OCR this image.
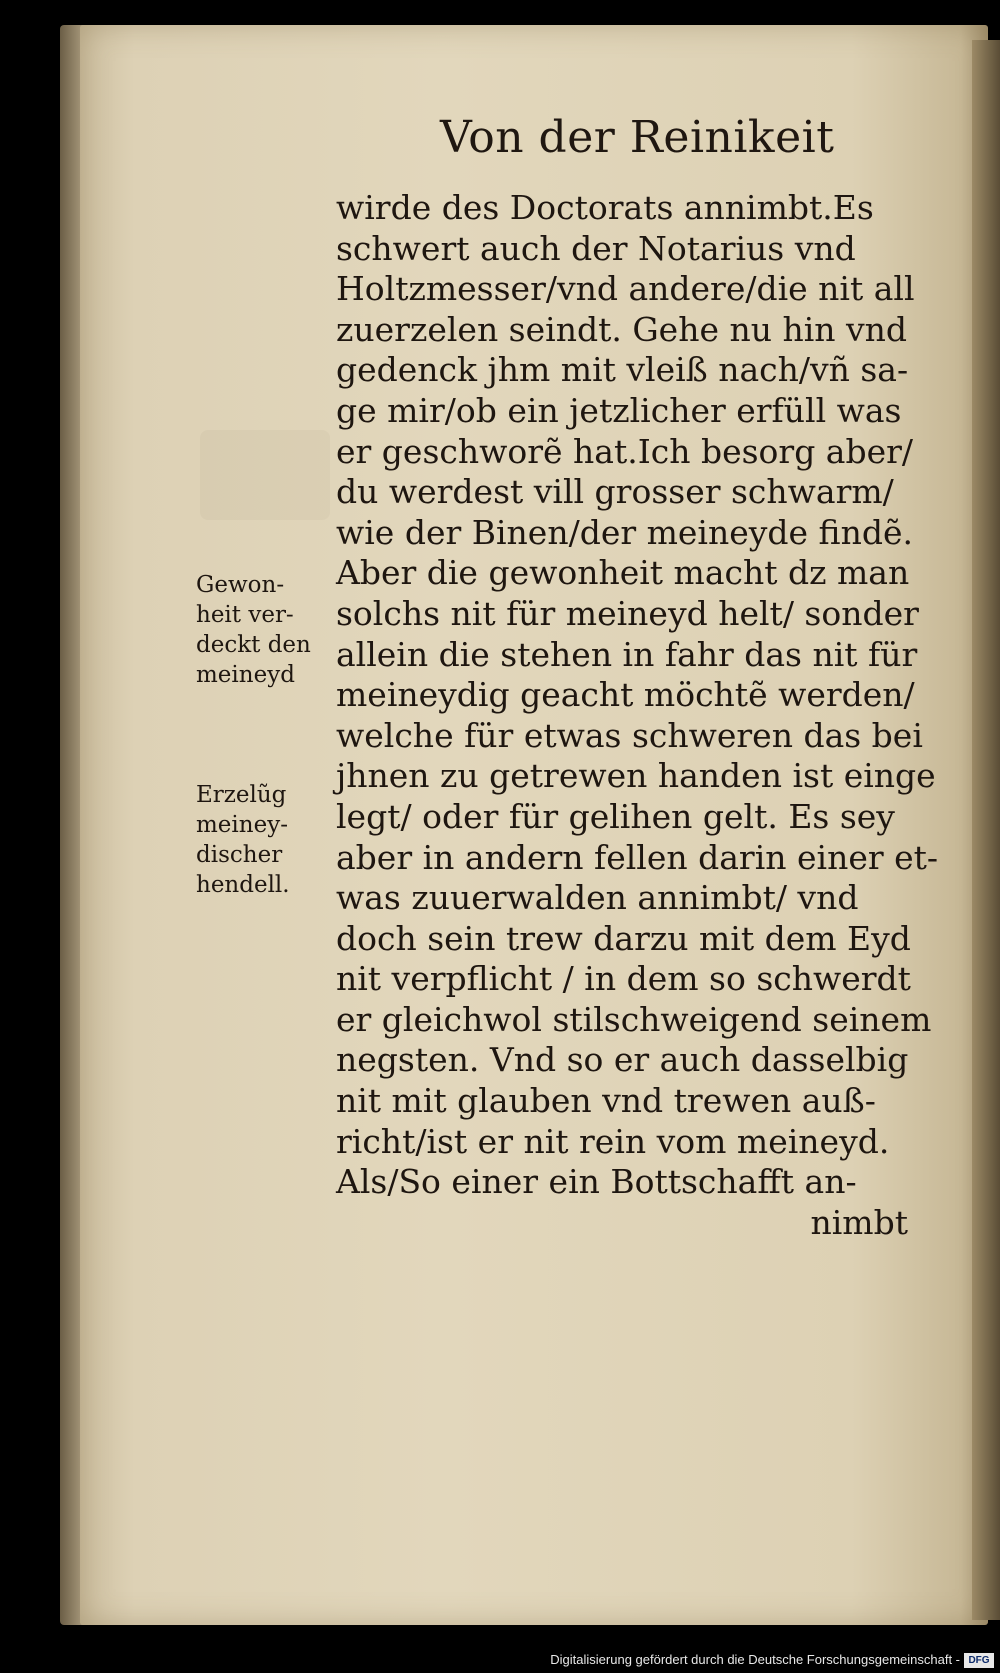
Von der Reinikeit
wirde des Doctorats annimbt.Es
schwert auch der Notarius vnd
Holtzmesser/vnd andere/die nit all
zuerzelen seindt. Gehe nu hin vnd
gedenck jhm mit vleiß nach/vñ sa-
ge mir/ob ein jetzlicher erfüll was
er geschworẽ hat.Ich besorg aber/
du werdest vill grosser schwarm/
wie der Binen/der meineyde findẽ.
Aber die gewonheit macht dz man
solchs nit für meineyd helt/ sonder
allein die stehen in fahr das nit für
meineydig geacht möchtẽ werden/
welche für etwas schweren das bei
jhnen zu getrewen handen ist einge
legt/ oder für gelihen gelt. Es sey
aber in andern fellen darin einer et-
was zuuerwalden annimbt/ vnd
doch sein trew darzu mit dem Eyd
nit verpflicht / in dem so schwerdt
er gleichwol stilschweigend seinem
negsten. Vnd so er auch dasselbig
nit mit glauben vnd trewen auß-
richt/ist er nit rein vom meineyd.
Als/So einer ein Bottschafft an-
nimbt
Gewon-
heit ver-
deckt den
meineyd
Erzelũg
meiney-
discher
hendell.
Digitalisierung gefördert durch die Deutsche Forschungsgemeinschaft - DFG
